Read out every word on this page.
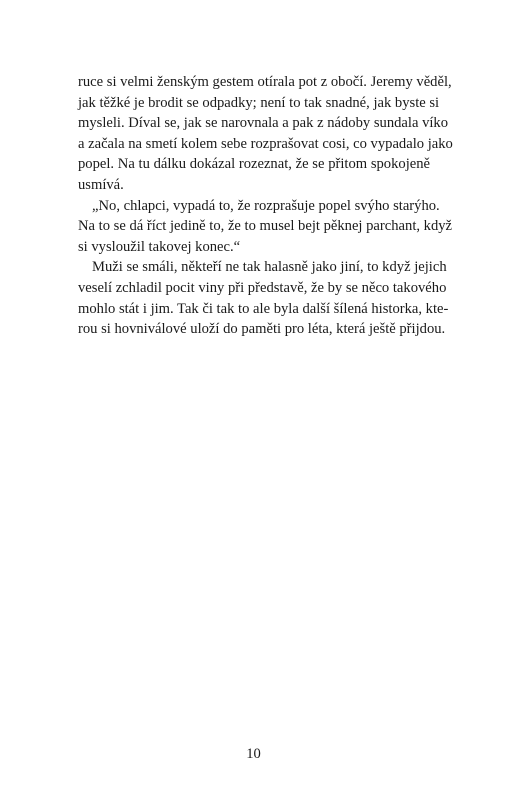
ruce si velmi ženským gestem otírala pot z obočí. Jeremy věděl,
jak těžké je brodit se odpadky; není to tak snadné, jak byste si
mysleli. Díval se, jak se narovnala a pak z nádoby sundala víko
a začala na smetí kolem sebe rozprašovat cosi, co vypadalo jako
popel. Na tu dálku dokázal rozeznat, že se přitom spokojeně
usmívá.
„No, chlapci, vypadá to, že rozprašuje popel svýho starýho.
Na to se dá říct jedině to, že to musel bejt pěknej parchant, když
si vysloužil takovej konec.“
Muži se smáli, někteří ne tak halasně jako jiní, to když jejich
veselí zchladil pocit viny při představě, že by se něco takového
mohlo stát i jim. Tak či tak to ale byla další šílená historka, kte-
rou si hovniválové uloží do paměti pro léta, která ještě přijdou.
10
